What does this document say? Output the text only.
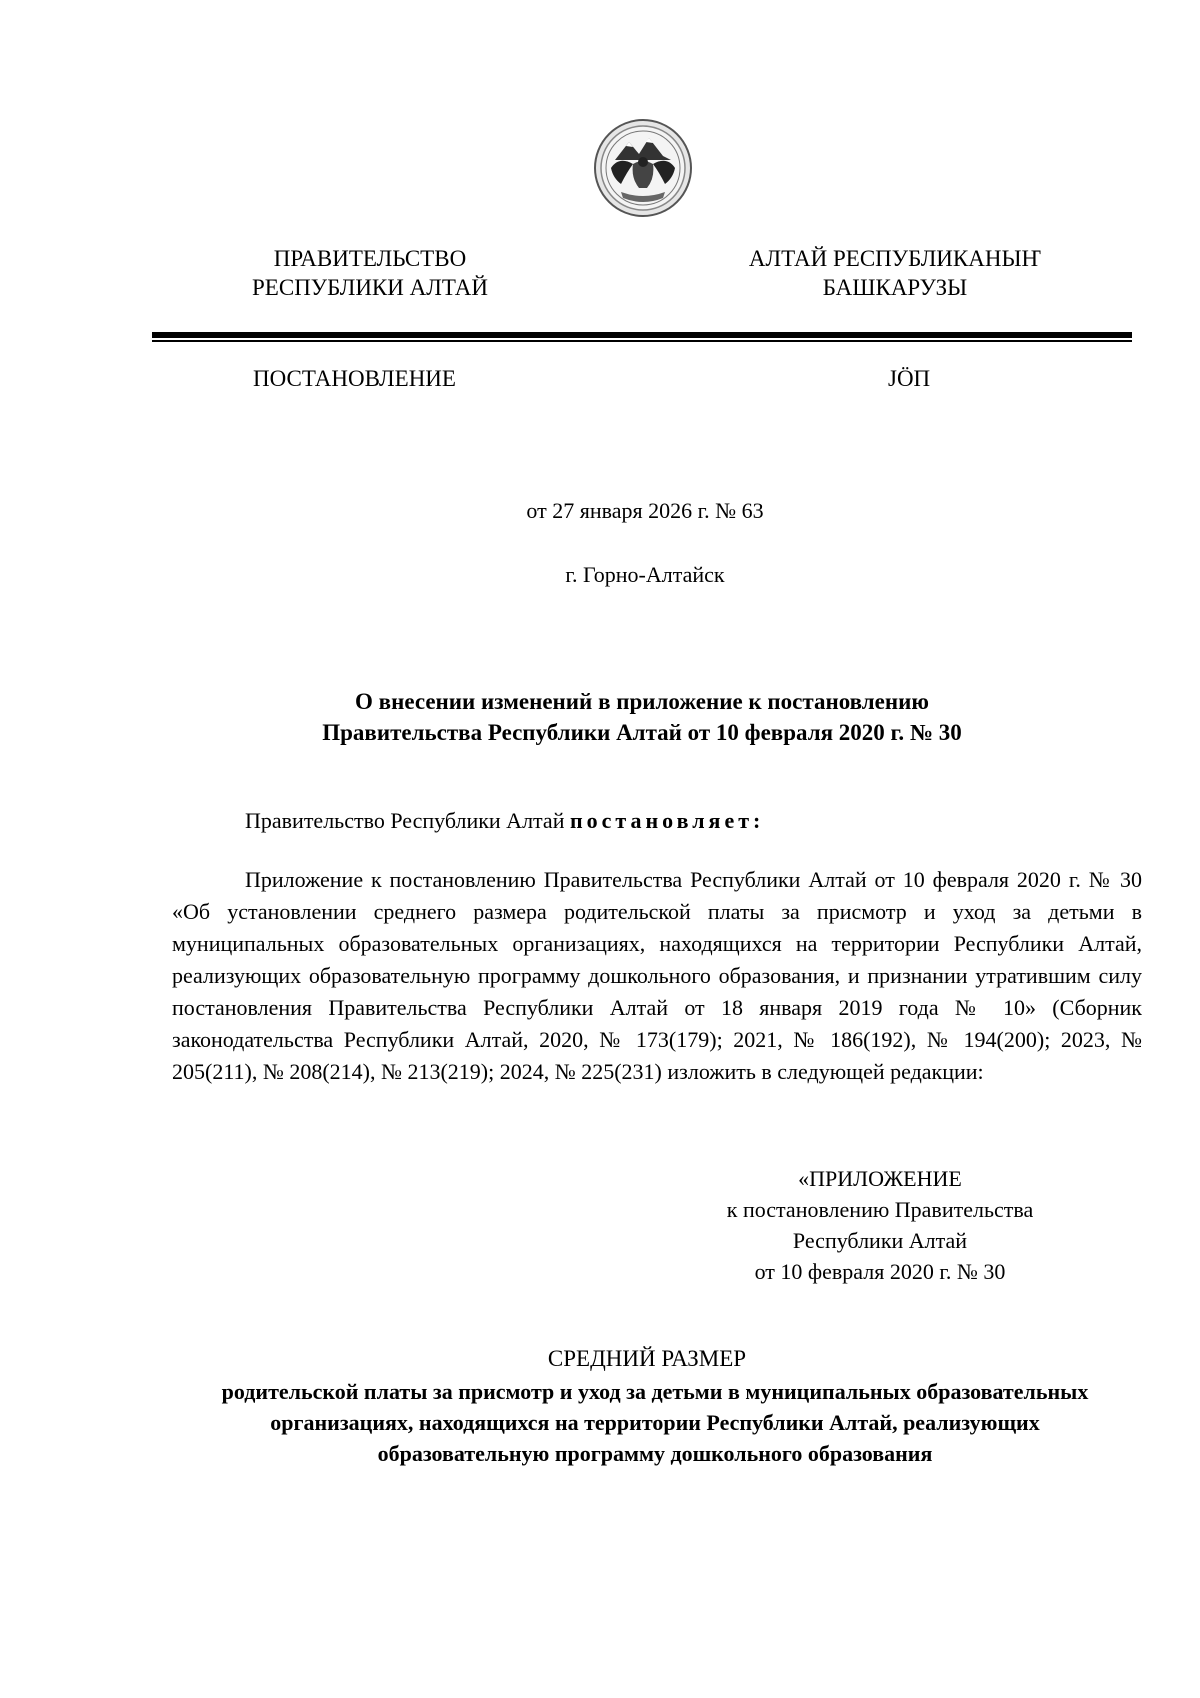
ПРАВИТЕЛЬСТВО
РЕСПУБЛИКИ АЛТАЙ
АЛТАЙ РЕСПУБЛИКАНЫҤ
БАШКАРУЗЫ
ПОСТАНОВЛЕНИЕ	JӦП
от 27 января 2026 г. № 63
г. Горно-Алтайск
О внесении изменений в приложение к постановлению
Правительства Республики Алтай от 10 февраля 2020 г. № 30
Правительство Республики Алтай постановляет:
Приложение к постановлению Правительства Республики Алтай от 10 февраля 2020 г. № 30 «Об установлении среднего размера родительской платы за присмотр и уход за детьми в муниципальных образовательных организациях, находящихся на территории Республики Алтай, реализующих образовательную программу дошкольного образования, и признании утратившим силу постановления Правительства Республики Алтай от 18 января 2019 года № 10» (Сборник законодательства Республики Алтай, 2020, № 173(179); 2021, № 186(192), № 194(200); 2023, № 205(211), № 208(214), № 213(219); 2024, № 225(231) изложить в следующей редакции:
«ПРИЛОЖЕНИЕ
к постановлению Правительства
Республики Алтай
от 10 февраля 2020 г. № 30
СРЕДНИЙ РАЗМЕР
родительской платы за присмотр и уход за детьми в муниципальных образовательных
организациях, находящихся на территории Республики Алтай, реализующих
образовательную программу дошкольного образования
